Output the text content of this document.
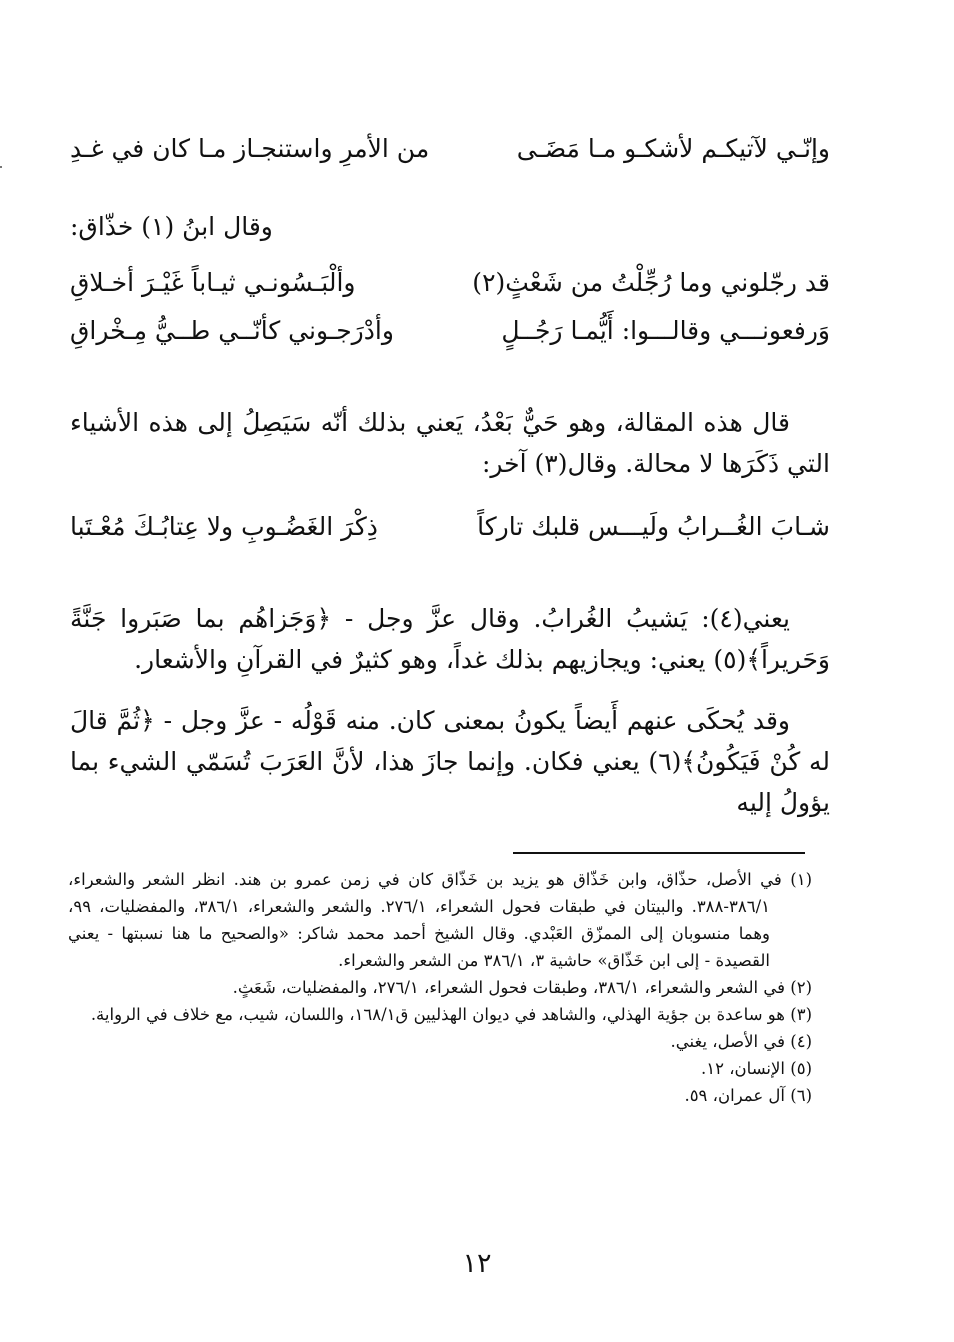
وإنّـي لآتيكـم لأشكـو مـا مَضَـى
من الأمرِ واستنجـاز مـا كان في غـدِ
وقال ابنُ (١) خذّاق:
قد رجّلوني وما رُجِّلْتُ من شَعْثٍ(٢)
وألْبَـسُونـي ثيـاباً غَيْـرَ أخـلاقِ
وَرفعونـــي وقالـــوا: أَيُّمـا رَجُــلٍ
وأدْرَجـوني كأنّــي طــيُّ مِـخْراقِ
قال هذه المقالة، وهو حَيٌّ بَعْدُ، يَعني بذلك أنّه سَيَصِلُ إلى هذه الأشياء التي ذَكَرَها لا محالة. وقال(٣) آخر:
شـابَ الغُــرابُ ولَيـــس قلبك تاركاً
ذِكْرَ الغَضُـوبِ ولا عِتابُـكَ مُعْـتَبا
يعني(٤): يَشيبُ الغُرابُ. وقال عزَّ وجل - ﴿وَجَزاهُم بما صَبَروا جَنَّةً وَحَريراً﴾(٥) يعني: ويجازيهم بذلك غداً، وهو كثيرٌ في القرآنِ والأشعار.
وقد يُحكَى عنهم أَيضاً يكونُ بمعنى كان. منه قَوْلُه - عزَّ وجل - ﴿ثُمَّ قالَ له كُنْ فَيَكُونُ﴾(٦) يعني فكان. وإنما جازَ هذا، لأنَّ العَرَبَ تُسَمّي الشيء بما يؤولُ إليه

(١) في الأصل، حذّاق، وابن خَذّاق هو يزيد بن خَذّاق كان في زمن عمرو بن هند. انظر الشعر والشعراء، ٣٨٦/١-٣٨٨. والبيتان في طبقات فحول الشعراء، ٢٧٦/١. والشعر والشعراء، ٣٨٦/١، والمفضليات، ٩٩، وهما منسوبان إلى الممزّق العَبْدي. وقال الشيخ أحمد محمد شاكر: «والصحيح ما هنا نسبتها - يعني القصيدة - إلى ابن خَذّاق» حاشية ٣، ٣٨٦/١ من الشعر والشعراء.

(٢) في الشعر والشعراء، ٣٨٦/١، وطبقات فحول الشعراء، ٢٧٦/١، والمفضليات، شَعَثٍ.

(٣) هو ساعدة بن جؤية الهذلي، والشاهد في ديوان الهذليين ق١٦٨/١، واللسان، شيب، مع خلاف في الرواية.

(٤) في الأصل، يغني.

(٥) الإنسان، ١٢.

(٦) آل عمران، ٥٩.

١٢
